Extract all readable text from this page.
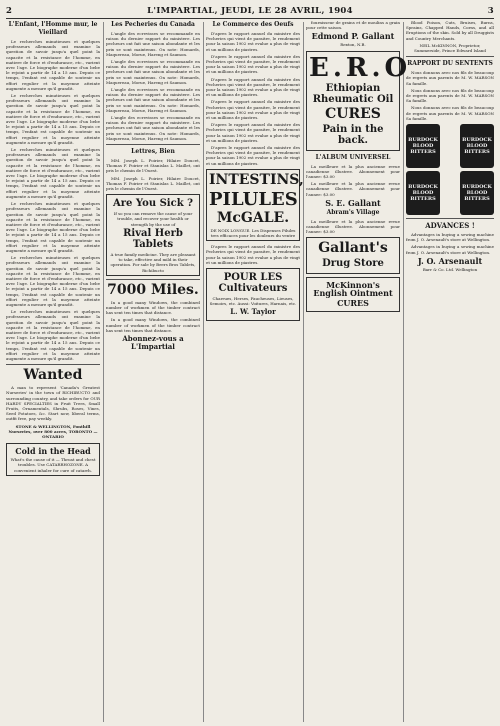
2	L'IMPARTIAL, JEUDI, LE 28 AVRIL, 1904	3
L'Enfant, l'Homme mur, le Vieillard
Le recherches minutieuses et quelques professeurs allemands ont examine la question de savoir jusqu'a quel point la capacite et la resistance de l'homme, en matiere de force et d'endurance, etc., varient avec l'age. Le biographe moderne d'un bebe le rejoint a partir de 14 a 15 ans. Depuis ce temps, l'enfant est capable de soutenir un effort regulier et la moyenne atteinte augmente a mesure qu'il grandit.
Le recherches minutieuses et quelques professeurs allemands ont examine la question de savoir jusqu'a quel point la capacite et la resistance de l'homme, en matiere de force et d'endurance, etc., varient avec l'age. Le biographe moderne d'un bebe le rejoint a partir de 14 a 15 ans. Depuis ce temps, l'enfant est capable de soutenir un effort regulier et la moyenne atteinte augmente a mesure qu'il grandit.
Le recherches minutieuses et quelques professeurs allemands ont examine la question de savoir jusqu'a quel point la capacite et la resistance de l'homme, en matiere de force et d'endurance, etc., varient avec l'age. Le biographe moderne d'un bebe le rejoint a partir de 14 a 15 ans. Depuis ce temps, l'enfant est capable de soutenir un effort regulier et la moyenne atteinte augmente a mesure qu'il grandit.
Le recherches minutieuses et quelques professeurs allemands ont examine la question de savoir jusqu'a quel point la capacite et la resistance de l'homme, en matiere de force et d'endurance, etc., varient avec l'age. Le biographe moderne d'un bebe le rejoint a partir de 14 a 15 ans. Depuis ce temps, l'enfant est capable de soutenir un effort regulier et la moyenne atteinte augmente a mesure qu'il grandit.
Le recherches minutieuses et quelques professeurs allemands ont examine la question de savoir jusqu'a quel point la capacite et la resistance de l'homme, en matiere de force et d'endurance, etc., varient avec l'age. Le biographe moderne d'un bebe le rejoint a partir de 14 a 15 ans. Depuis ce temps, l'enfant est capable de soutenir un effort regulier et la moyenne atteinte augmente a mesure qu'il grandit.
Le recherches minutieuses et quelques professeurs allemands ont examine la question de savoir jusqu'a quel point la capacite et la resistance de l'homme, en matiere de force et d'endurance, etc., varient avec l'age. Le biographe moderne d'un bebe le rejoint a partir de 14 a 15 ans. Depuis ce temps, l'enfant est capable de soutenir un effort regulier et la moyenne atteinte augmente a mesure qu'il grandit.
Wanted
A man to represent 'Canada's Greatest Nurseries' in the town of RICHIBUCTO and surrounding country, and take orders for OUR HARDY SPECIALTIES in Fruit Trees, Small Fruits, Ornamentals, Shrubs, Roses, Vines, Seed Potatoes, &c. Start now, liberal terms, outfit free, pay weekly.
STONE & WELLINGTON, Fonthill Nurseries, over 800 acres, TORONTO — ONTARIO
Cold in the Head
What's the cause of it — Throat and chest troubles. Use CATARRHOZONE. A convenient inhaler for cure of catarrh.
Les Pecheries du Canada
L'angle des ecrevisses se recommande en raison du dernier rapport du ministere. Les pecheurs ont fait une saison abondante et les prix se sont maintenus. On note: Homards, Maquereau, Morue, Hareng et Saumon.
L'angle des ecrevisses se recommande en raison du dernier rapport du ministere. Les pecheurs ont fait une saison abondante et les prix se sont maintenus. On note: Homards, Maquereau, Morue, Hareng et Saumon.
L'angle des ecrevisses se recommande en raison du dernier rapport du ministere. Les pecheurs ont fait une saison abondante et les prix se sont maintenus. On note: Homards, Maquereau, Morue, Hareng et Saumon.
L'angle des ecrevisses se recommande en raison du dernier rapport du ministere. Les pecheurs ont fait une saison abondante et les prix se sont maintenus. On note: Homards, Maquereau, Morue, Hareng et Saumon.
Lettres, Bien
MM. Joseph L. Poirier, Hilaire Doucet, Thomas F. Poirier et Stanislas L. Maillet, ont pris le chemin de l'Ouest.
MM. Joseph L. Poirier, Hilaire Doucet, Thomas F. Poirier et Stanislas L. Maillet, ont pris le chemin de l'Ouest.
Are You Sick ?
If so you can remove the cause of your trouble, and recover your health or strength by the use of
Rival Herb Tablets
A true family medicine. They are pleasant to take, effective and mild in their operation. For sale by Beers Bros Tablets, Richibucto
7000 Miles.
In a good many Windows, the combined number of workmen of the timber contract has sent ten times that distance.
In a good many Windows, the combined number of workmen of the timber contract has sent ten times that distance.
Abonnez-vous a L'Impartial
Le Commerce des Oeufs
D'apres le rapport annuel du ministre des Pecheries qui vient de paraitre, le rendement pour la saison 1902 est evalue a plus de vingt et un millions de piastres.
D'apres le rapport annuel du ministre des Pecheries qui vient de paraitre, le rendement pour la saison 1902 est evalue a plus de vingt et un millions de piastres.
D'apres le rapport annuel du ministre des Pecheries qui vient de paraitre, le rendement pour la saison 1902 est evalue a plus de vingt et un millions de piastres.
D'apres le rapport annuel du ministre des Pecheries qui vient de paraitre, le rendement pour la saison 1902 est evalue a plus de vingt et un millions de piastres.
D'apres le rapport annuel du ministre des Pecheries qui vient de paraitre, le rendement pour la saison 1902 est evalue a plus de vingt et un millions de piastres.
D'apres le rapport annuel du ministre des Pecheries qui vient de paraitre, le rendement pour la saison 1902 est evalue a plus de vingt et un millions de piastres.
INTESTINS,
PILULES
McGALE.
DE NOIX LONGUE. Les Dispenses Pilules tres efficaces pour les douleurs du ventre
D'apres le rapport annuel du ministre des Pecheries qui vient de paraitre, le rendement pour la saison 1902 est evalue a plus de vingt et un millions de piastres.
POUR LES Cultivateurs
Charrues, Herses, Faucheuses, Lieuses, Semoirs, etc. Aussi: Voitures, Harnais, etc.
L. W. Taylor
fournisseur de grains et de moulins a grain pour cette saison.
Edmond P. Gallant
Rexton, N.B.
E.R.O
Ethiopian Rheumatic Oil
CURES
Pain in the back.
L'ALBUM UNIVERSEL
La meilleure et la plus ancienne revue canadienne illustree. Abonnement pour l'annee: $3.00
La meilleure et la plus ancienne revue canadienne illustree. Abonnement pour l'annee: $3.00
S. E. Gallant
Abram's Village
La meilleure et la plus ancienne revue canadienne illustree. Abonnement pour l'annee: $3.00
Gallant's
Drug Store
McKinnon's English Ointment
CURES
Blood Poison, Cuts, Bruises, Burns, Sprains, Chapped Hands, Corns, and all Eruptions of the skin. Sold by all Druggists and Country Merchants.
NEIL McKINNON, Proprietor, Summerside, Prince Edward Island
RAPPORT DU SENTENTS
Nous donnons avec nos fils de beaucoup de regrets aux parents de M. W. MARSON Sa famille.
Nous donnons avec nos fils de beaucoup de regrets aux parents de M. W. MARSON Sa famille.
Nous donnons avec nos fils de beaucoup de regrets aux parents de M. W. MARSON Sa famille.
BURDOCK BLOOD BITTERS
BURDOCK BLOOD BITTERS
BURDOCK BLOOD BITTERS
BURDOCK BLOOD BITTERS
ADVANCES !
Advantages in buying a sewing machine from J. O. Arsenault's store at Wellington.
Advantages in buying a sewing machine from J. O. Arsenault's store at Wellington.
J. O. Arsenault
Barr & Co. Ltd. Wellington
